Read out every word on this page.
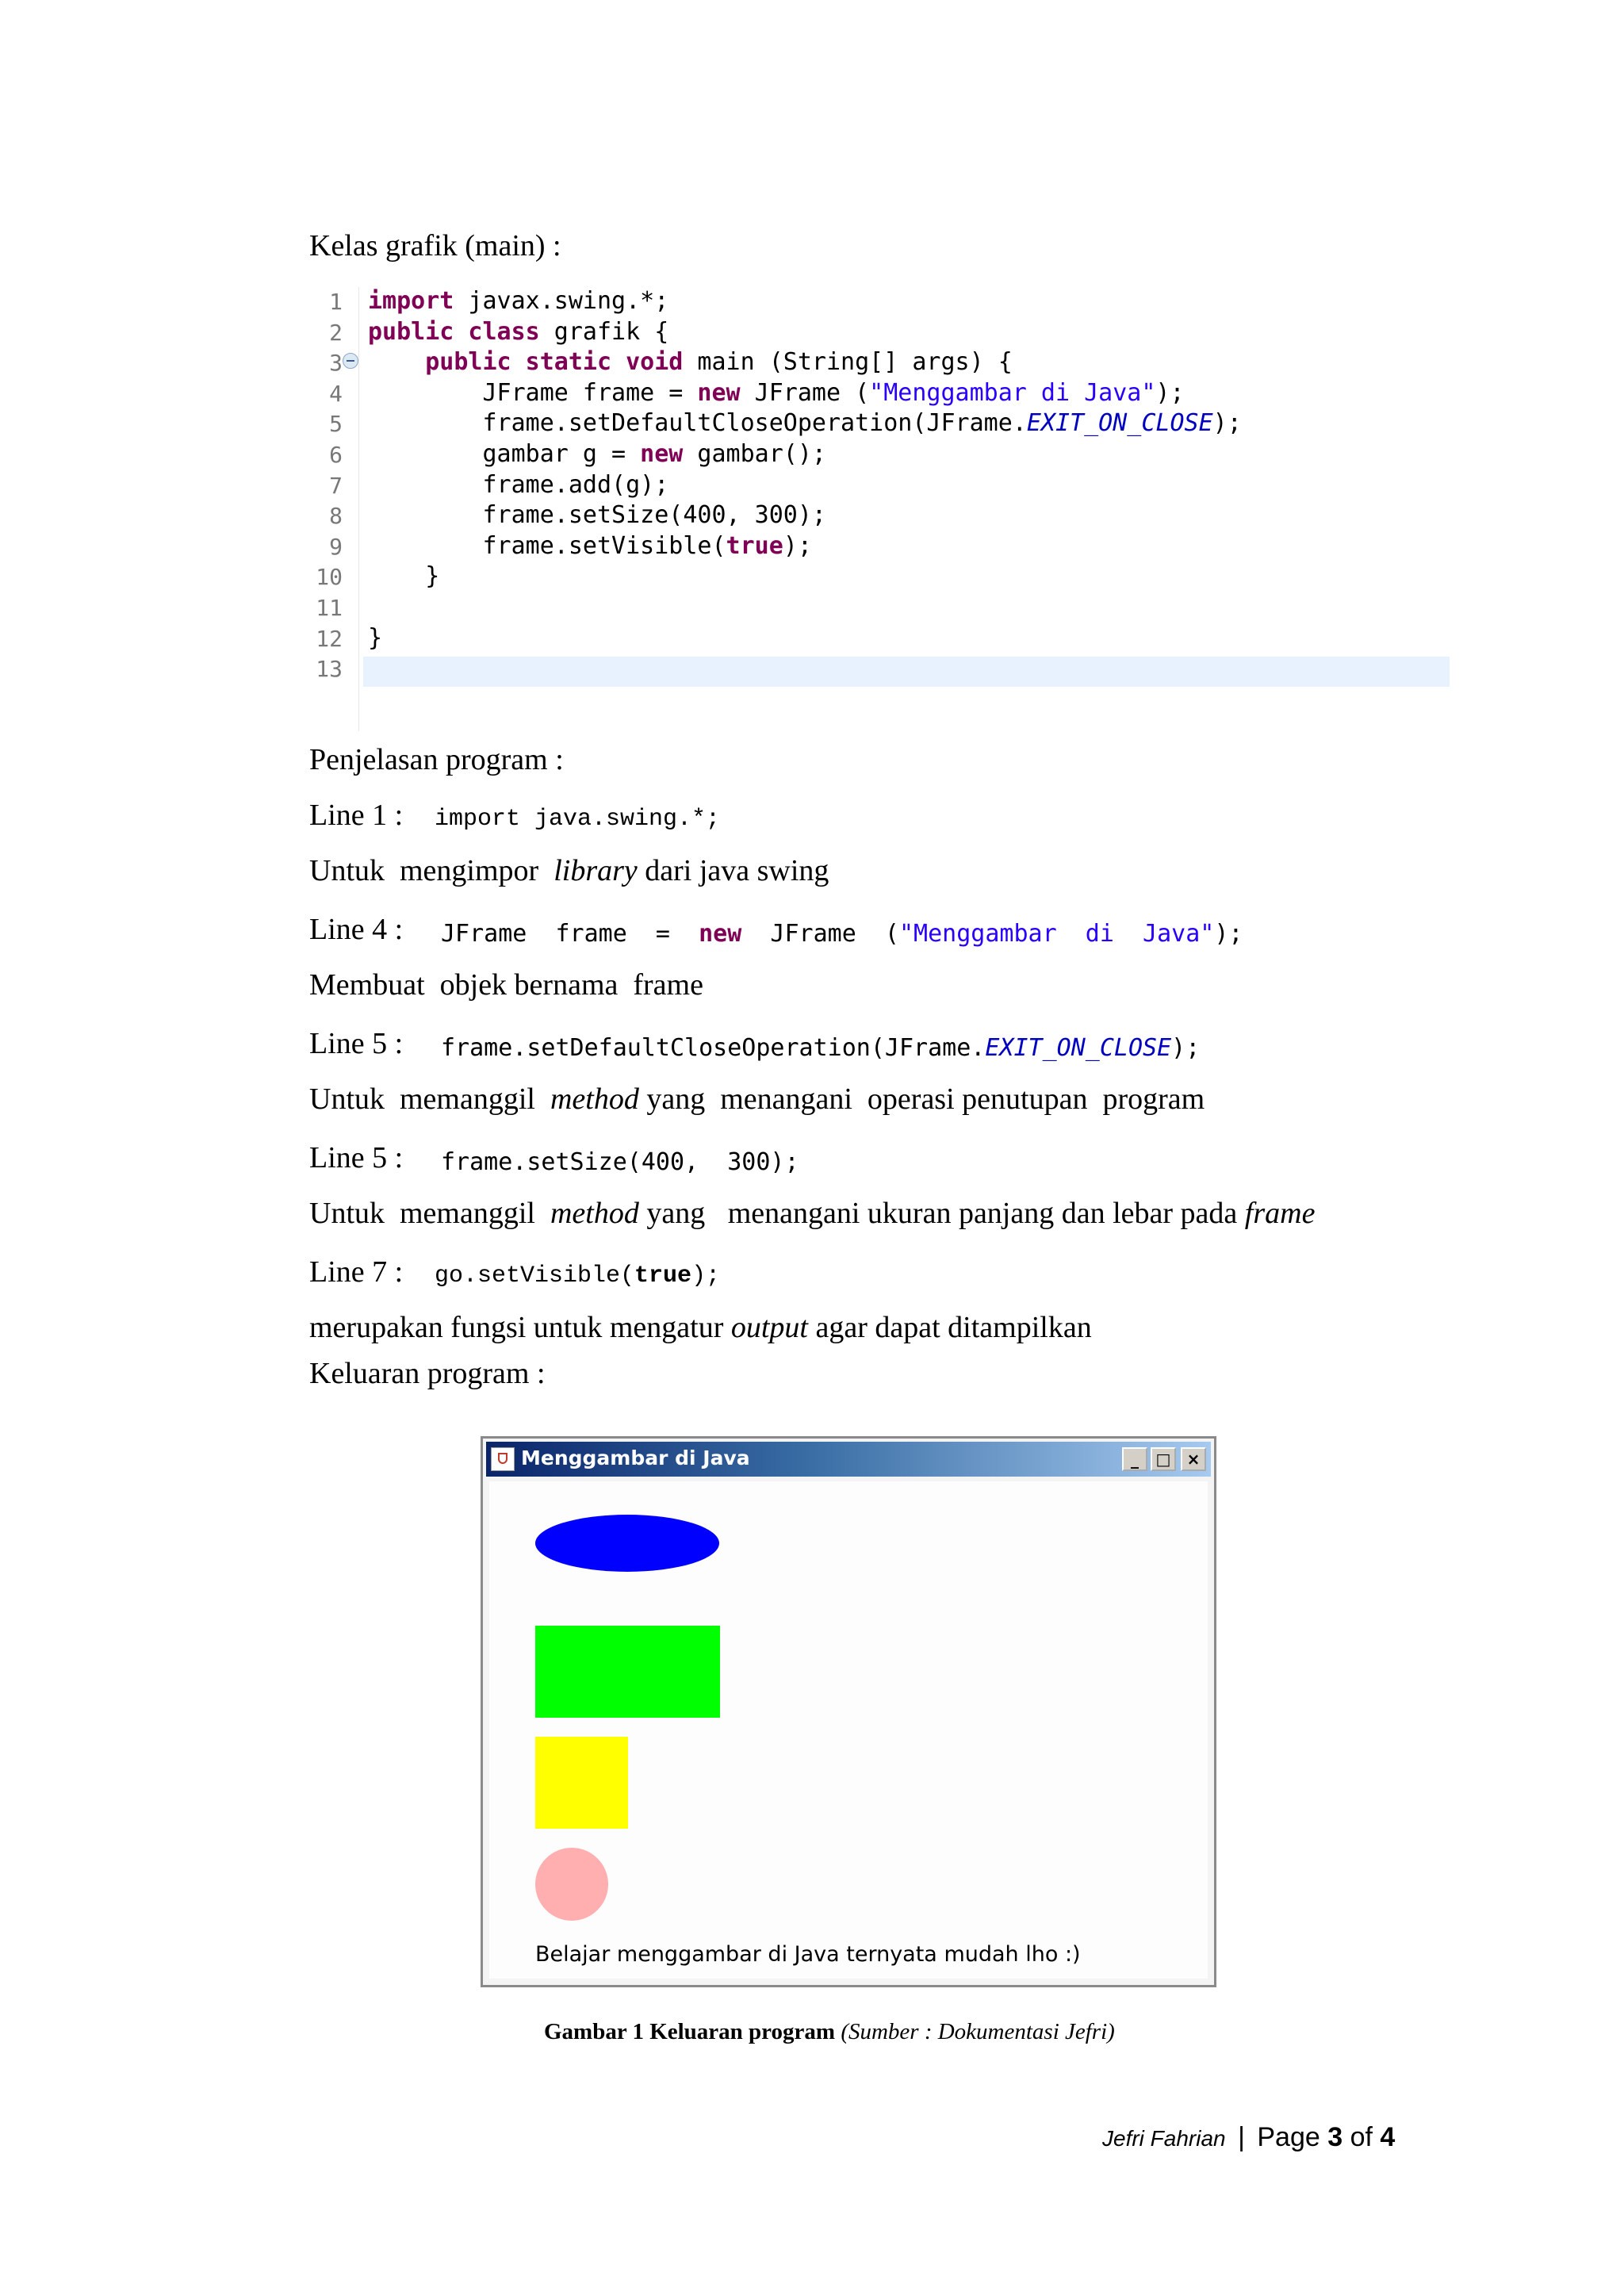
Kelas grafik (main) :
1
2
3
4
5
6
7
8
9
10
11
12
13
import javax.swing.*;
public class grafik {
public static void main (String[] args) {
JFrame frame = new JFrame ("Menggambar di Java");
frame.setDefaultCloseOperation(JFrame.EXIT_ON_CLOSE);
gambar g = new gambar();
frame.add(g);
frame.setSize(400, 300);
frame.setVisible(true);
}
}
Penjelasan program :
Line 1 : import java.swing.*;
Untuk  mengimpor  library dari java swing
Line 4 : JFrame  frame  =  new  JFrame  ("Menggambar  di  Java");
Membuat  objek bernama  frame
Line 5 : frame.setDefaultCloseOperation(JFrame.EXIT_ON_CLOSE);
Untuk  memanggil  method yang  menangani  operasi penutupan  program
Line 5 : frame.setSize(400,  300);
Untuk  memanggil  method yang   menangani ukuran panjang dan lebar pada frame
Line 7 : go.setVisible(true);
merupakan fungsi untuk mengatur output agar dapat ditampilkan
Keluaran program :
Menggambar di Java	_	□	×
Belajar menggambar di Java ternyata mudah lho :)
Gambar 1 Keluaran program (Sumber : Dokumentasi Jefri)
Jefri Fahrian | Page 3 of 4
